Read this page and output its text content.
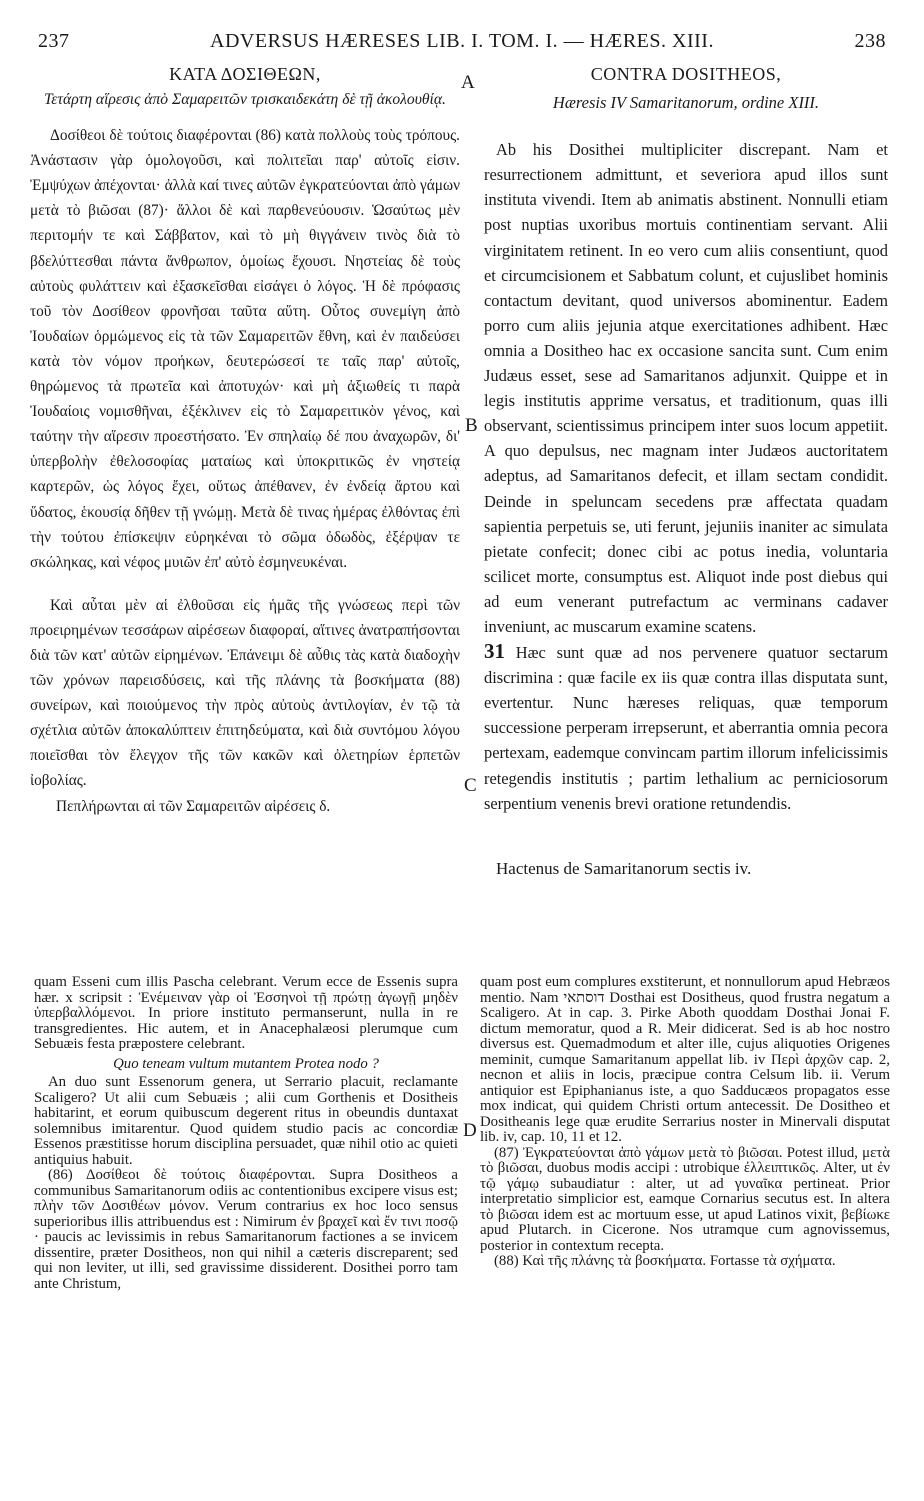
237	ADVERSUS HÆRESES LIB. I. TOM. I. — HÆRES. XIII.	238
A
B
C
D
ΚΑΤΑ ΔΟΣΙΘΕΩΝ,
Τετάρτη αἵρεσις ἀπὸ Σαμαρειτῶν τρισκαιδεκάτη δὲ τῇ ἀκολουθίᾳ.

Δοσίθεοι δὲ τούτοις διαφέρονται (86) κατὰ πολλοὺς τοὺς τρόπους. Ἀνάστασιν γὰρ ὁμολογοῦσι, καὶ πολιτεῖαι παρ' αὐτοῖς εἰσιν. Ἐμψύχων ἀπέχονται· ἀλλὰ καί τινες αὐτῶν ἐγκρατεύονται ἀπὸ γάμων μετὰ τὸ βιῶσαι (87)· ἄλλοι δὲ καὶ παρθενεύουσιν. Ὡσαύτως μὲν περιτομήν τε καὶ Σάββατον, καὶ τὸ μὴ θιγγάνειν τινὸς διὰ τὸ βδελύττεσθαι πάντα ἄνθρωπον, ὁμοίως ἔχουσι. Νηστείας δὲ τοὺς αὐτοὺς φυλάττειν καὶ ἐξασκεῖσθαι εἰσάγει ὁ λόγος. Ἡ δὲ πρόφασις τοῦ τὸν Δοσίθεον φρονῆσαι ταῦτα αὕτη. Οὗτος συνεμίγη ἀπὸ Ἰουδαίων ὁρμώμενος εἰς τὰ τῶν Σαμαρειτῶν ἔθνη, καὶ ἐν παιδεύσει κατὰ τὸν νόμον προήκων, δευτερώσεσί τε ταῖς παρ' αὐτοῖς, θηρώμενος τὰ πρωτεῖα καὶ ἀποτυχών· καὶ μὴ ἀξιωθείς τι παρὰ Ἰουδαίοις νομισθῆναι, ἐξέκλινεν εἰς τὸ Σαμαρειτικὸν γένος, καὶ ταύτην τὴν αἵρεσιν προεστήσατο. Ἐν σπηλαίῳ δέ που ἀναχωρῶν, δι' ὑπερβολὴν ἐθελοσοφίας ματαίως καὶ ὑποκριτικῶς ἐν νηστείᾳ καρτερῶν, ὡς λόγος ἔχει, οὕτως ἀπέθανεν, ἐν ἐνδείᾳ ἄρτου καὶ ὕδατος, ἑκουσίᾳ δῆθεν τῇ γνώμῃ. Μετὰ δὲ τινας ἡμέρας ἐλθόντας ἐπὶ τὴν τούτου ἐπίσκεψιν εὑρηκέναι τὸ σῶμα ὀδωδὸς, ἐξέρψαν τε σκώληκας, καὶ νέφος μυιῶν ἐπ' αὐτὸ ἐσμηνευκέναι.

Καὶ αὗται μὲν αἱ ἐλθοῦσαι εἰς ἡμᾶς τῆς γνώσεως περὶ τῶν προειρημένων τεσσάρων αἱρέσεων διαφοραί, αἵτινες ἀνατραπήσονται διὰ τῶν κατ' αὐτῶν εἰρημένων. Ἐπάνειμι δὲ αὖθις τὰς κατὰ διαδοχὴν τῶν χρόνων παρεισδύσεις, καὶ τῆς πλάνης τὰ βοσκήματα (88) συνείρων, καὶ ποιούμενος τὴν πρὸς αὐτοὺς ἀντιλογίαν, ἐν τῷ τὰ σχέτλια αὐτῶν ἀποκαλύπτειν ἐπιτηδεύματα, καὶ διὰ συντόμου λόγου ποιεῖσθαι τὸν ἔλεγχον τῆς τῶν κακῶν καὶ ὀλετηρίων ἑρπετῶν ἰοβολίας.

Πεπλήρωνται αἱ τῶν Σαμαρειτῶν αἱρέσεις δ.

CONTRA DOSITHEOS,
Hæresis IV Samaritanorum, ordine XIII.

Ab his Dosithei multipliciter discrepant. Nam et resurrectionem admittunt, et severiora apud illos sunt instituta vivendi. Item ab animatis abstinent. Nonnulli etiam post nuptias uxoribus mortuis continentiam servant. Alii virginitatem retinent. In eo vero cum aliis consentiunt, quod et circumcisionem et Sabbatum colunt, et cujuslibet hominis contactum devitant, quod universos abominentur. Eadem porro cum aliis jejunia atque exercitationes adhibent. Hæc omnia a Dositheo hac ex occasione sancita sunt. Cum enim Judæus esset, sese ad Samaritanos adjunxit. Quippe et in legis institutis apprime versatus, et traditionum, quas illi observant, scientissimus principem inter suos locum appetiit. A quo depulsus, nec magnam inter Judæos auctoritatem adeptus, ad Samaritanos defecit, et illam sectam condidit. Deinde in speluncam secedens præ affectata quadam sapientia perpetuis se, uti ferunt, jejuniis inaniter ac simulata pietate confecit; donec cibi ac potus inedia, voluntaria scilicet morte, consumptus est. Aliquot inde post diebus qui ad eum venerant putrefactum ac verminans cadaver inveniunt, ac muscarum examine scatens.

31 Hæc sunt quæ ad nos pervenere quatuor sectarum discrimina : quæ facile ex iis quæ contra illas disputata sunt, evertentur. Nunc hæreses reliquas, quæ temporum successione perperam irrepserunt, et aberrantia omnia pecora pertexam, eademque convincam partim illorum infelicissimis retegendis institutis ; partim lethalium ac perniciosorum serpentium venenis brevi oratione retundendis.

Hactenus de Samaritanorum sectis iv.

quam Esseni cum illis Pascha celebrant. Verum ecce de Essenis supra hær. x scripsit : Ἐνέμειναν γὰρ οἱ Ἐσσηνοὶ τῇ πρώτῃ ἀγωγῇ μηδὲν ὑπερβαλλόμενοι. In priore instituto permanserunt, nulla in re transgredientes. Hic autem, et in Anacephalæosi plerumque cum Sebuæis festa præpostere celebrant.

Quo teneam vultum mutantem Protea nodo ?

An duo sunt Essenorum genera, ut Serrario placuit, reclamante Scaligero? Ut alii cum Sebuæis ; alii cum Gorthenis et Dositheis habitarint, et eorum quibuscum degerent ritus in obeundis duntaxat solemnibus imitarentur. Quod quidem studio pacis ac concordiæ Essenos præstitisse horum disciplina persuadet, quæ nihil otio ac quieti antiquius habuit.

(86) Δοσίθεοι δὲ τούτοις διαφέρονται. Supra Dositheos a communibus Samaritanorum odiis ac contentionibus excipere visus est; πλὴν τῶν Δοσιθέων μόνον. Verum contrarius ex hoc loco sensus superioribus illis attribuendus est : Nimirum ἐν βραχεῖ καὶ ἔν τινι ποσῷ · paucis ac levissimis in rebus Samaritanorum factiones a se invicem dissentire, præter Dositheos, non qui nihil a cæteris discreparent; sed qui non leviter, ut illi, sed gravissime dissiderent. Dosithei porro tam ante Christum,

quam post eum complures exstiterunt, et nonnullorum apud Hebræos mentio. Nam דוסתאי Dosthai est Dositheus, quod frustra negatum a Scaligero. At in cap. 3. Pirke Aboth quoddam Dosthai Jonai F. dictum memoratur, quod a R. Meir didicerat. Sed is ab hoc nostro diversus est. Quemadmodum et alter ille, cujus aliquoties Origenes meminit, cumque Samaritanum appellat lib. iv Περὶ ἀρχῶν cap. 2, necnon et aliis in locis, præcipue contra Celsum lib. ii. Verum antiquior est Epiphanianus iste, a quo Sadducæos propagatos esse mox indicat, qui quidem Christi ortum antecessit. De Dositheo et Dositheanis lege quæ erudite Serrarius noster in Minervali disputat lib. iv, cap. 10, 11 et 12.

(87) Ἐγκρατεύονται ἀπὸ γάμων μετὰ τὸ βιῶσαι. Potest illud, μετὰ τὸ βιῶσαι, duobus modis accipi : utrobique ἐλλειπτικῶς. Alter, ut ἐν τῷ γάμῳ subaudiatur : alter, ut ad γυναῖκα pertineat. Prior interpretatio simplicior est, eamque Cornarius secutus est. In altera τὸ βιῶσαι idem est ac mortuum esse, ut apud Latinos vixit, βεβίωκε apud Plutarch. in Cicerone. Nos utramque cum agnovissemus, posterior in contextum recepta.

(88) Καὶ τῆς πλάνης τὰ βοσκήματα. Fortasse τὰ σχήματα.
